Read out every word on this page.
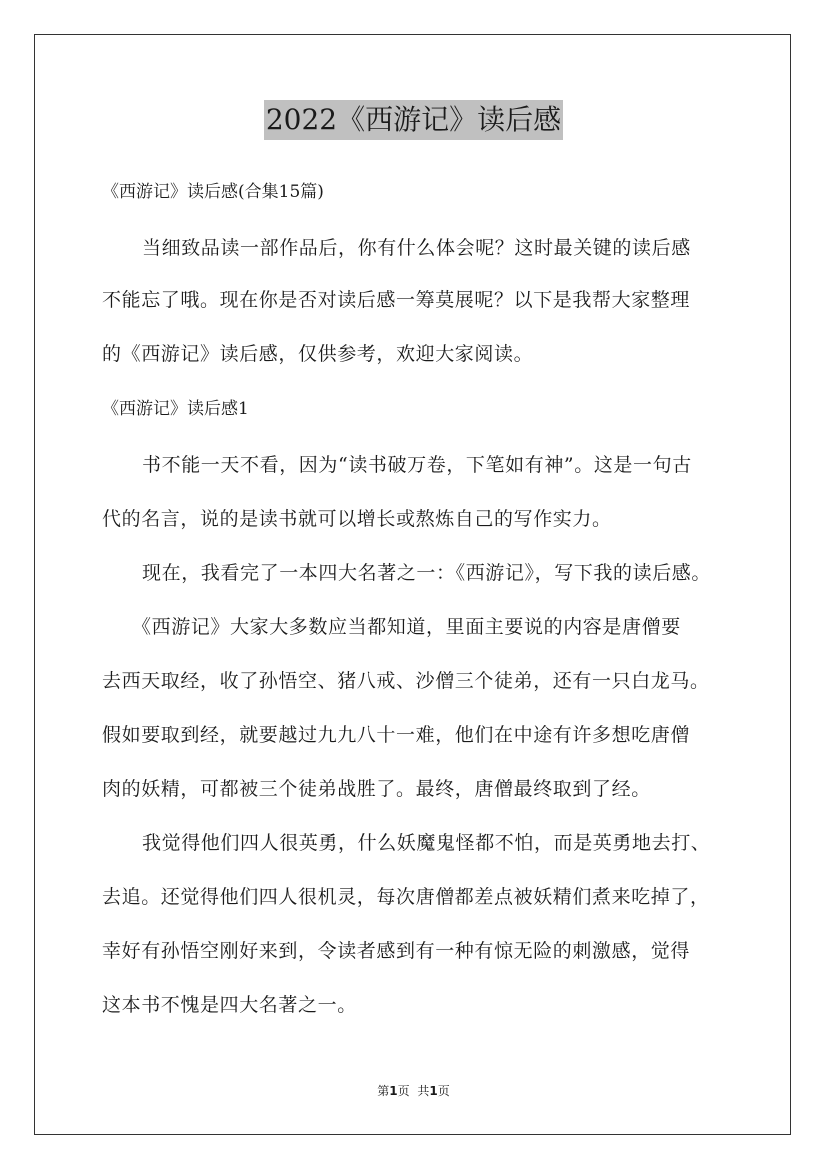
2022《西游记》读后感
《西游记》读后感(合集15篇)
当细致品读一部作品后，你有什么体会呢？这时最关键的读后感
不能忘了哦。现在你是否对读后感一筹莫展呢？以下是我帮大家整理
的《西游记》读后感，仅供参考，欢迎大家阅读。
《西游记》读后感1
书不能一天不看，因为“读书破万卷，下笔如有神”。这是一句古
代的名言，说的是读书就可以增长或熬炼自己的写作实力。
现在，我看完了一本四大名著之一：《西游记》，写下我的读后感。
《西游记》大家大多数应当都知道，里面主要说的内容是唐僧要
去西天取经，收了孙悟空、猪八戒、沙僧三个徒弟，还有一只白龙马。
假如要取到经，就要越过九九八十一难，他们在中途有许多想吃唐僧
肉的妖精，可都被三个徒弟战胜了。最终，唐僧最终取到了经。
我觉得他们四人很英勇，什么妖魔鬼怪都不怕，而是英勇地去打、
去追。还觉得他们四人很机灵，每次唐僧都差点被妖精们煮来吃掉了，
幸好有孙悟空刚好来到，令读者感到有一种有惊无险的刺激感，觉得
这本书不愧是四大名著之一。
第1页 共1页
